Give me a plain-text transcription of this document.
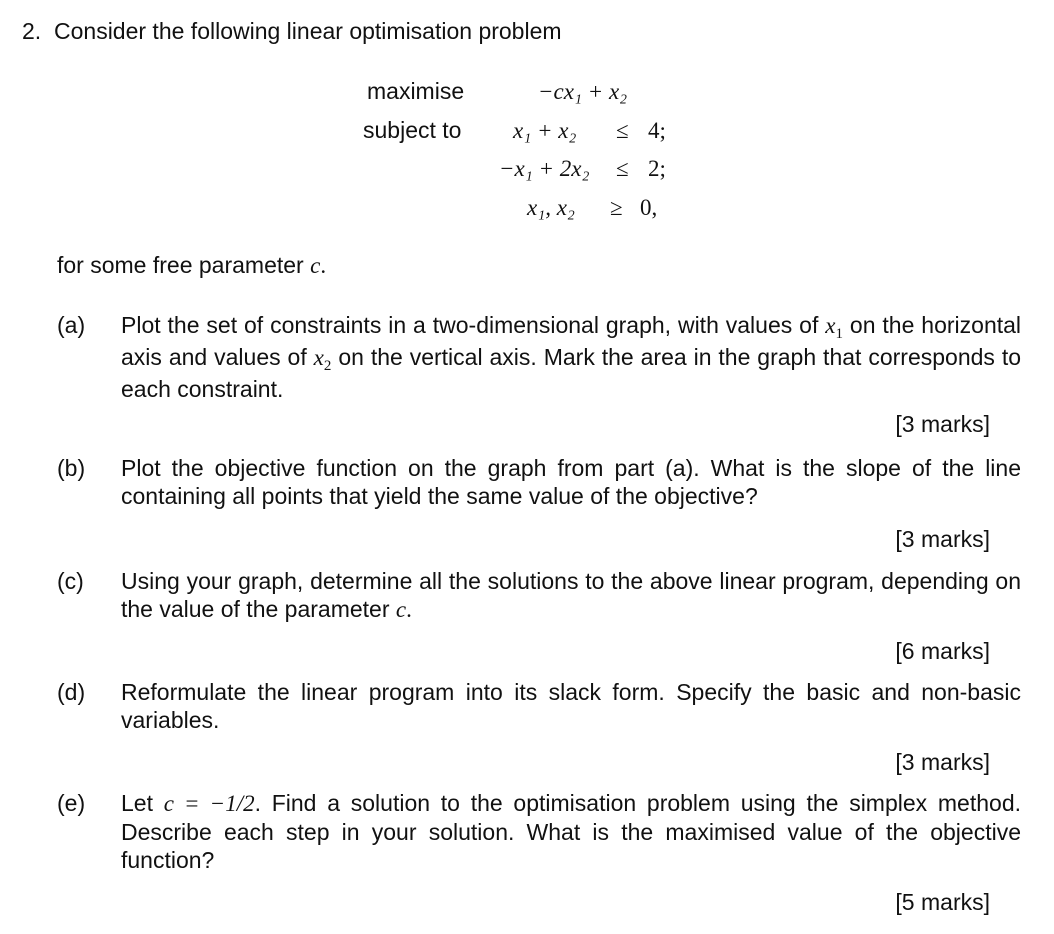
2. Consider the following linear optimisation problem
maximise	−cx₁ + x₂
subject to x₁ + x₂ ≤ 4;
−x₁ + 2x₂ ≤ 2;
x₁, x₂ ≥ 0,
for some free parameter c.
(a) Plot the set of constraints in a two-dimensional graph, with values of $x_1$ on the horizontal axis and values of $x_2$ on the vertical axis. Mark the area in the graph that corresponds to each constraint.
[3 marks]
(b) Plot the objective function on the graph from part (a). What is the slope of the line containing all points that yield the same value of the objective?
[3 marks]
(c) Using your graph, determine all the solutions to the above linear program, depending on the value of the parameter c.
[6 marks]
(d) Reformulate the linear program into its slack form. Specify the basic and non-basic variables.
[3 marks]
(e) Let c = −1/2. Find a solution to the optimisation problem using the simplex method. Describe each step in your solution. What is the maximised value of the objective function?
[5 marks]
